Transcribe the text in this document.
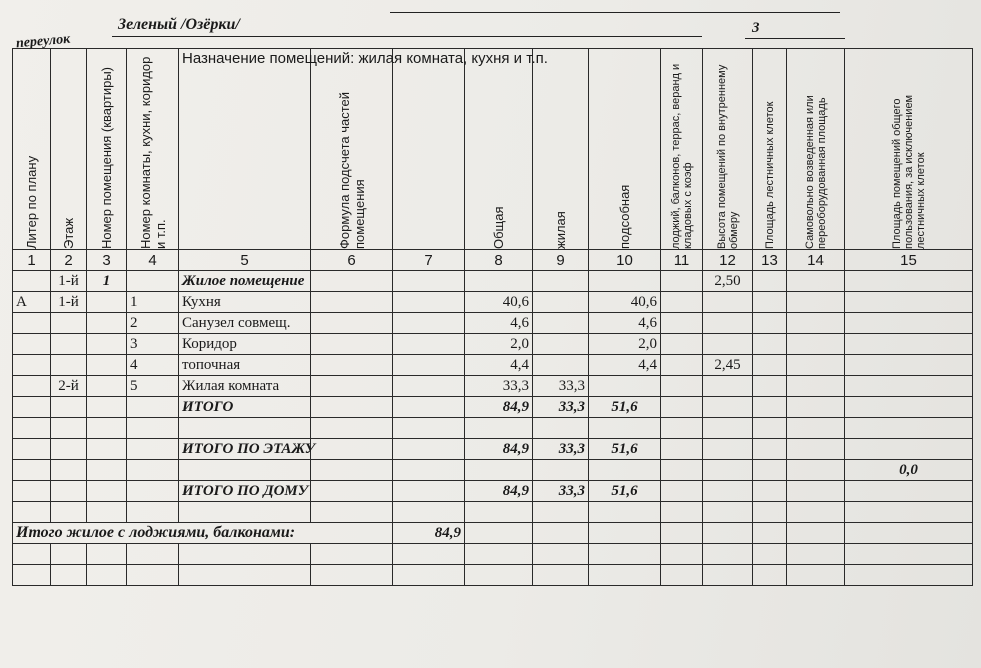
переулок
Зеленый /Озёрки/	3
Литер по плану	Этаж	Номер помещения (квартиры)	Номер комнаты, кухни, коридор и т.п.	Назначение помещений: жилая комната, кухня и т.п.	Формула подсчета частей помещения		Общая	жилая	подсобная	лоджий, балконов, террас, веранд и кладовых с коэф	Высота помещений по внутреннему обмеру	Площадь лестничных клеток	Самовольно возведенная или переоборудованная площадь	Площадь помещений общего пользования, за исключением лестничных клеток

1	2	3	4	5	6	7	8	9	10	11	12	13	14	15
	1-й	1		Жилое помещение							2,50			
А	1-й		1	Кухня			40,6		40,6					
			2	Санузел совмещ.			4,6		4,6					
			3	Коридор			2,0		2,0					
			4	топочная			4,4		4,4		2,45			
	2-й		5	Жилая комната			33,3	33,3						
				ИТОГО			84,9	33,3	51,6					

				ИТОГО ПО ЭТАЖУ			84,9	33,3	51,6					
														0,0
				ИТОГО ПО ДОМУ			84,9	33,3	51,6					

Итого жилое с лоджиями, балконами:						84,9								
